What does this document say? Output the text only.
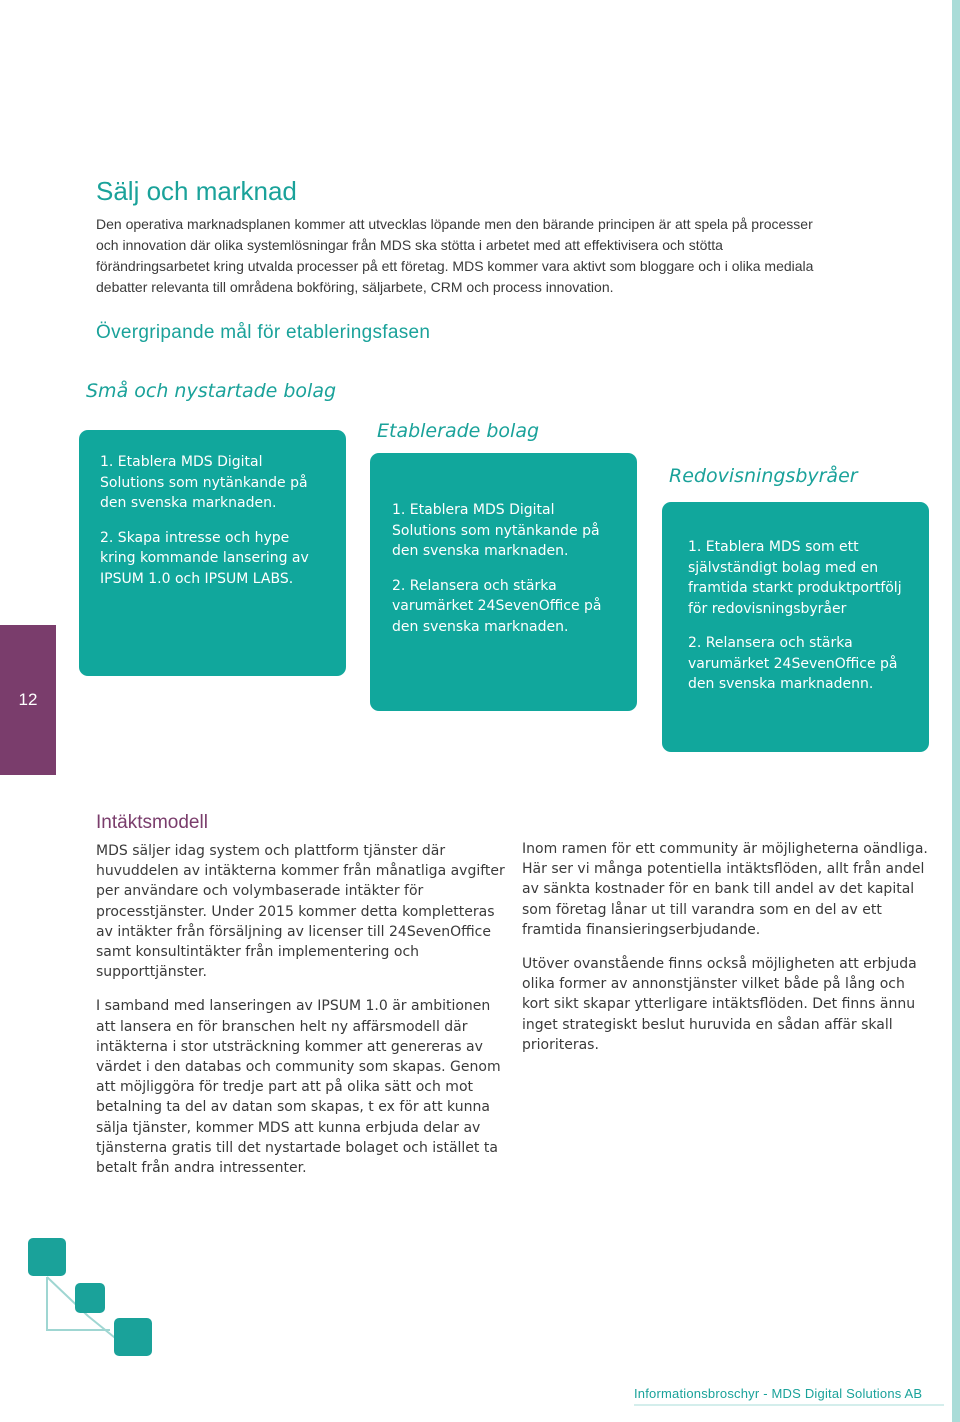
12
Sälj och marknad

Den operativa marknadsplanen kommer att utvecklas löpande men den bärande principen är att spela på processer och innovation där olika systemlösningar från MDS ska stötta i arbetet med att effektivisera och stötta förändringsarbetet kring utvalda processer på ett företag. MDS kommer vara aktivt som bloggare och i olika mediala debatter relevanta till områdena bokföring, säljarbete, CRM och process innovation.

Övergripande mål för etableringsfasen
Små och nystartade bolag

1. Etablera MDS Digital Solutions som nytänkande på den svenska marknaden.

2. Skapa intresse och hype kring kommande lansering av IPSUM 1.0 och IPSUM LABS.

Etablerade bolag

1. Etablera MDS Digital Solutions som nytänkande på den svenska marknaden.

2. Relansera och stärka varumärket 24SevenOffice på den svenska marknaden.

Redovisningsbyråer

1. Etablera MDS som ett självständigt bolag med en framtida starkt produktportfölj för redovisningsbyråer

2. Relansera och stärka varumärket 24SevenOffice på den svenska marknadenn.

Intäktsmodell

MDS säljer idag system och plattform tjänster där huvuddelen av intäkterna kommer från månatliga avgifter per användare och volymbaserade intäkter för processtjänster. Under 2015 kommer detta kompletteras av intäkter från försäljning av licenser till 24SevenOffice samt konsultintäkter från implementering och supporttjänster.

I samband med lanseringen av IPSUM 1.0 är ambitionen att lansera en för branschen helt ny affärsmodell där intäkterna i stor utsträckning kommer att genereras av värdet i den databas och community som skapas. Genom att möjliggöra för tredje part att på olika sätt och mot betalning ta del av datan som skapas, t ex för att kunna sälja tjänster, kommer MDS att kunna erbjuda delar av tjänsterna gratis till det nystartade bolaget och istället ta betalt från andra intressenter.

Inom ramen för ett community är möjligheterna oändliga. Här ser vi många potentiella intäktsflöden, allt från andel av sänkta kostnader för en bank till andel av det kapital som företag lånar ut till varandra som en del av ett framtida finansieringserbjudande.

Utöver ovanstående finns också möjligheten att erbjuda olika former av annonstjänster vilket både på lång och kort sikt skapar ytterligare intäktsflöden. Det finns ännu inget strategiskt beslut huruvida en sådan affär skall prioriteras.

Informationsbroschyr - MDS Digital Solutions AB
